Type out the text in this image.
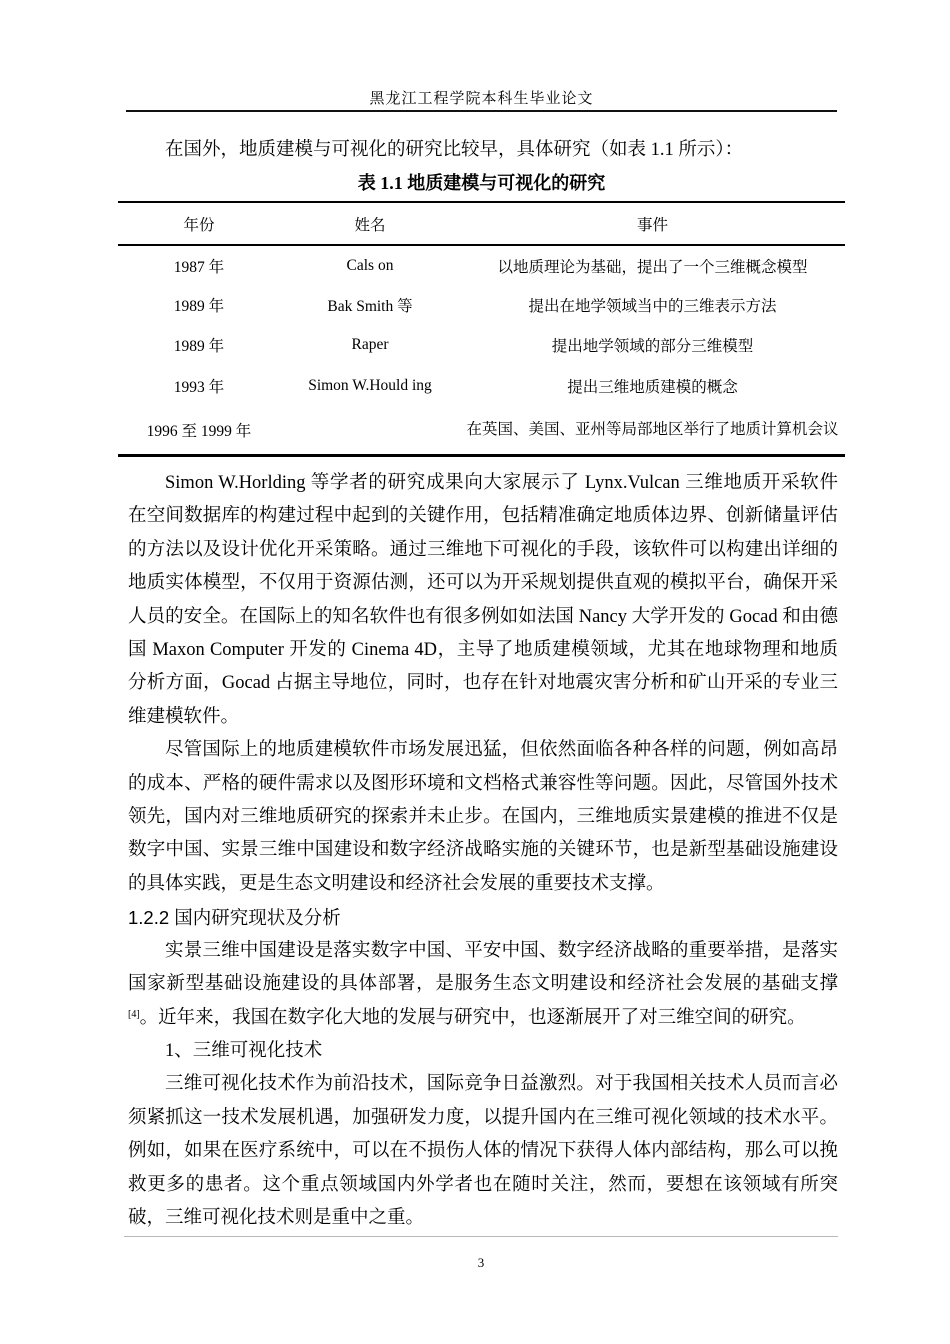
黑龙江工程学院本科生毕业论文
在国外，地质建模与可视化的研究比较早，具体研究（如表 1.1 所示）：
表 1.1 地质建模与可视化的研究
年份	姓名	事件
1987 年	Cals on	以地质理论为基础，提出了一个三维概念模型
1989 年	Bak Smith 等	提出在地学领域当中的三维表示方法
1989 年	Raper	提出地学领域的部分三维模型
1993 年	Simon W.Hould ing	提出三维地质建模的概念
1996 至 1999 年		在英国、美国、亚州等局部地区举行了地质计算机会议

Simon W.Horlding 等学者的研究成果向大家展示了 Lynx.Vulcan 三维地质开采软件在空间数据库的构建过程中起到的关键作用，包括精准确定地质体边界、创新储量评估的方法以及设计优化开采策略。通过三维地下可视化的手段，该软件可以构建出详细的地质实体模型，不仅用于资源估测，还可以为开采规划提供直观的模拟平台，确保开采人员的安全。在国际上的知名软件也有很多例如如法国 Nancy 大学开发的 Gocad 和由德国 Maxon Computer 开发的 Cinema 4D，主导了地质建模领域，尤其在地球物理和地质分析方面，Gocad 占据主导地位，同时，也存在针对地震灾害分析和矿山开采的专业三维建模软件。

尽管国际上的地质建模软件市场发展迅猛，但依然面临各种各样的问题，例如高昂的成本、严格的硬件需求以及图形环境和文档格式兼容性等问题。因此，尽管国外技术领先，国内对三维地质研究的探索并未止步。在国内，三维地质实景建模的推进不仅是数字中国、实景三维中国建设和数字经济战略实施的关键环节，也是新型基础设施建设的具体实践，更是生态文明建设和经济社会发展的重要技术支撑。

1.2.2 国内研究现状及分析

实景三维中国建设是落实数字中国、平安中国、数字经济战略的重要举措，是落实国家新型基础设施建设的具体部署，是服务生态文明建设和经济社会发展的基础支撑[4]。近年来，我国在数字化大地的发展与研究中，也逐渐展开了对三维空间的研究。

1、三维可视化技术

三维可视化技术作为前沿技术，国际竞争日益激烈。对于我国相关技术人员而言必须紧抓这一技术发展机遇，加强研发力度，以提升国内在三维可视化领域的技术水平。例如，如果在医疗系统中，可以在不损伤人体的情况下获得人体内部结构，那么可以挽救更多的患者。这个重点领域国内外学者也在随时关注，然而，要想在该领域有所突破，三维可视化技术则是重中之重。

3
